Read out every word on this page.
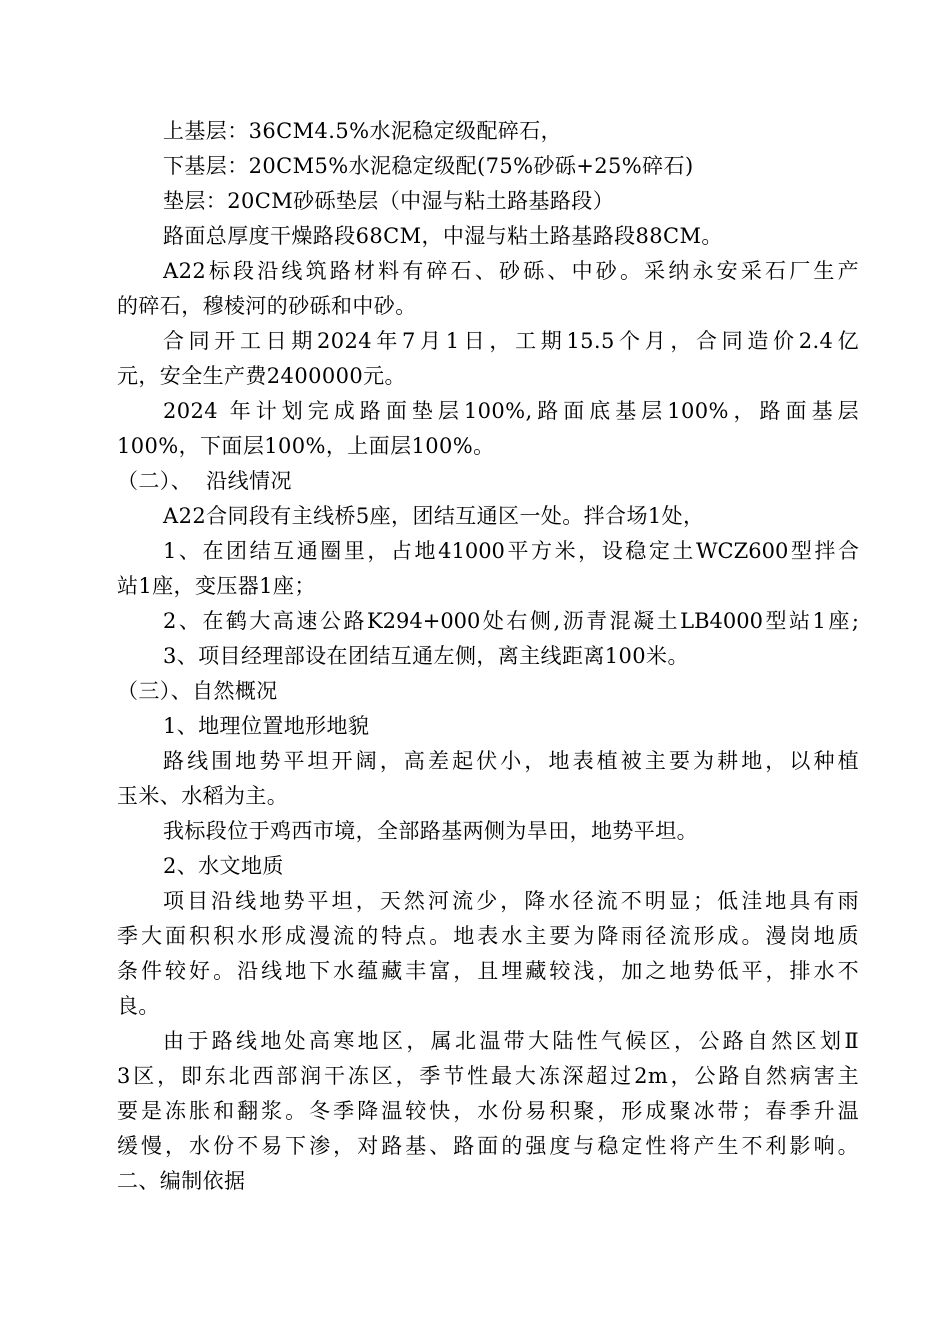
上基层：36CM4.5%水泥稳定级配碎石，
下基层：20CM5%水泥稳定级配(75%砂砾+25%碎石)
垫层：20CM砂砾垫层（中湿与粘土路基路段）
路面总厚度干燥路段68CM，中湿与粘土路基路段88CM。
A22标段沿线筑路材料有碎石、砂砾、中砂。采纳永安采石厂生产
的碎石，穆棱河的砂砾和中砂。
合同开工日期2024年7月1日，工期15.5个月，合同造价2.4亿
元，安全生产费2400000元。
2024 年计划完成路面垫层100%,路面底基层100%，路面基层
100%，下面层100%，上面层100%。
（二）、  沿线情况
A22合同段有主线桥5座，团结互通区一处。拌合场1处，
1、在团结互通圈里，占地41000平方米，设稳定土WCZ600型拌合
站1座，变压器1座；
2、在鹤大高速公路K294+000处右侧,沥青混凝土LB4000型站1座;
3、项目经理部设在团结互通左侧，离主线距离100米。
（三）、自然概况
1、地理位置地形地貌
路线围地势平坦开阔，高差起伏小，地表植被主要为耕地，以种植
玉米、水稻为主。
我标段位于鸡西市境，全部路基两侧为旱田，地势平坦。
2、水文地质
项目沿线地势平坦，天然河流少，降水径流不明显；低洼地具有雨
季大面积积水形成漫流的特点。地表水主要为降雨径流形成。漫岗地质
条件较好。沿线地下水蕴藏丰富，且埋藏较浅，加之地势低平，排水不
良。
由于路线地处高寒地区，属北温带大陆性气候区，公路自然区划Ⅱ
3区，即东北西部润干冻区，季节性最大冻深超过2m，公路自然病害主
要是冻胀和翻浆。冬季降温较快，水份易积聚，形成聚冰带；春季升温
缓慢，水份不易下渗，对路基、路面的强度与稳定性将产生不利影响。
二、编制依据
